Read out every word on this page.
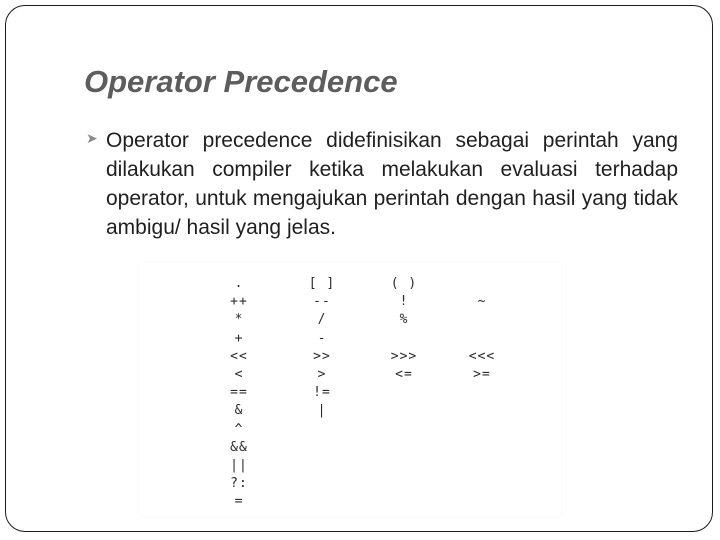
Operator Precedence
➤ Operator precedence didefinisikan sebagai perintah yang dilakukan compiler ketika melakukan evaluasi terhadap operator, untuk mengajukan perintah dengan hasil yang tidak ambigu/ hasil yang jelas.
.	[ ]	( )
++	--	!	~
*	/	%
+	-
<<	>>	>>>	<<<
<	>	<=	>=
==	!=
&	|
^
&&
||
?:
=
